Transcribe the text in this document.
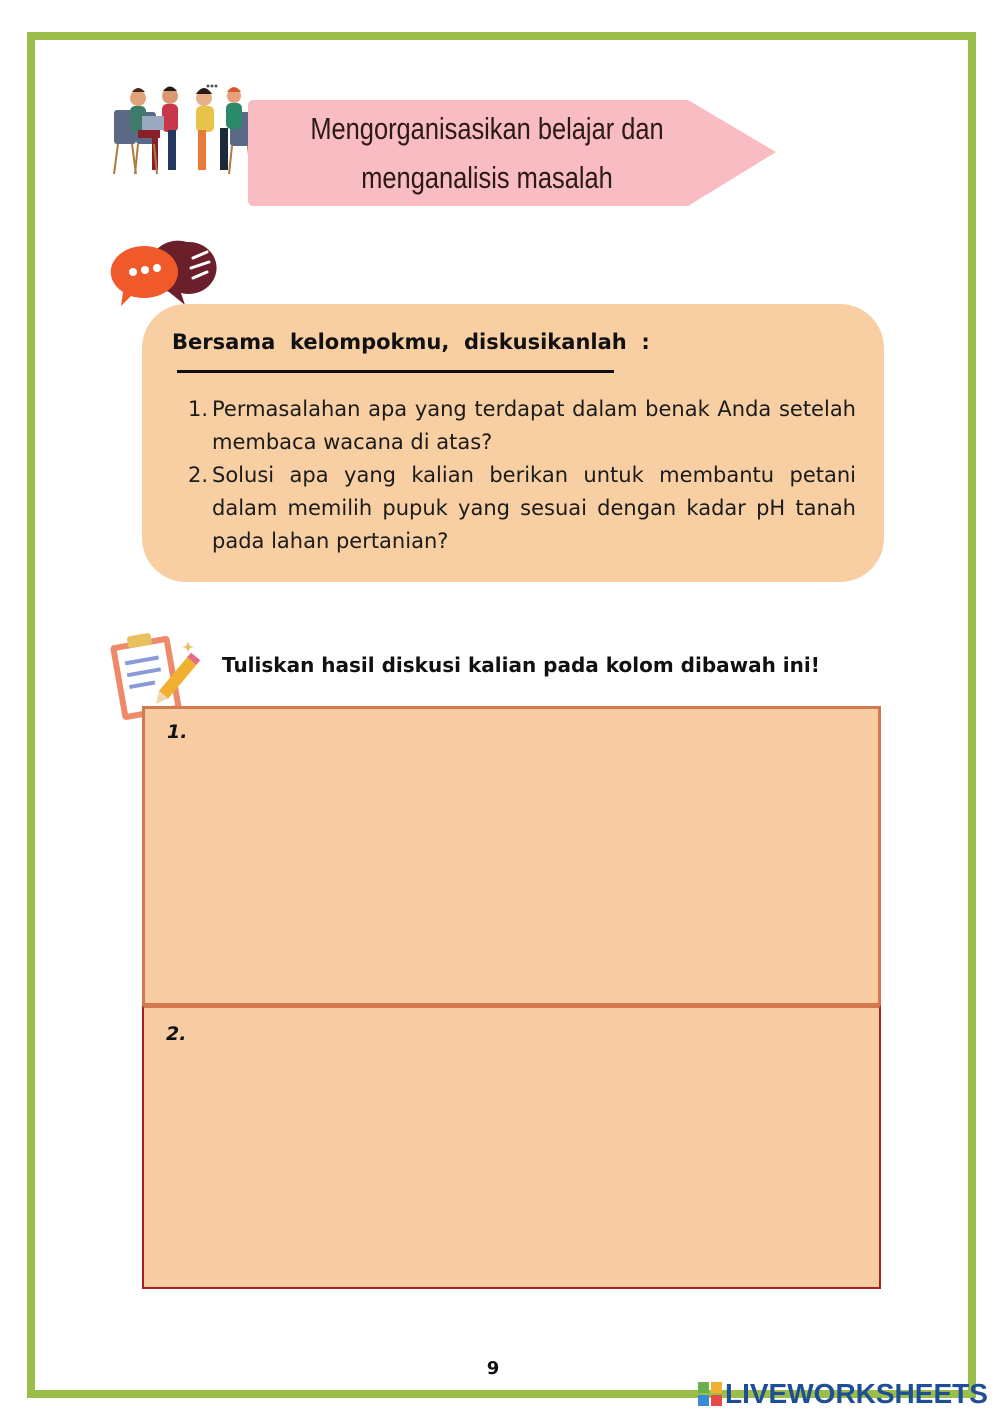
Mengorganisasikan belajar dan
menganalisis masalah
Bersama  kelompokmu,  diskusikanlah  :
1. Permasalahan apa yang terdapat dalam benak Anda setelah membaca wacana di atas?
2. Solusi apa yang kalian berikan untuk membantu petani dalam memilih pupuk yang sesuai dengan kadar pH tanah pada lahan pertanian?
Tuliskan hasil diskusi kalian pada kolom dibawah ini!
1.
2.
9
LIVEWORKSHEETS
